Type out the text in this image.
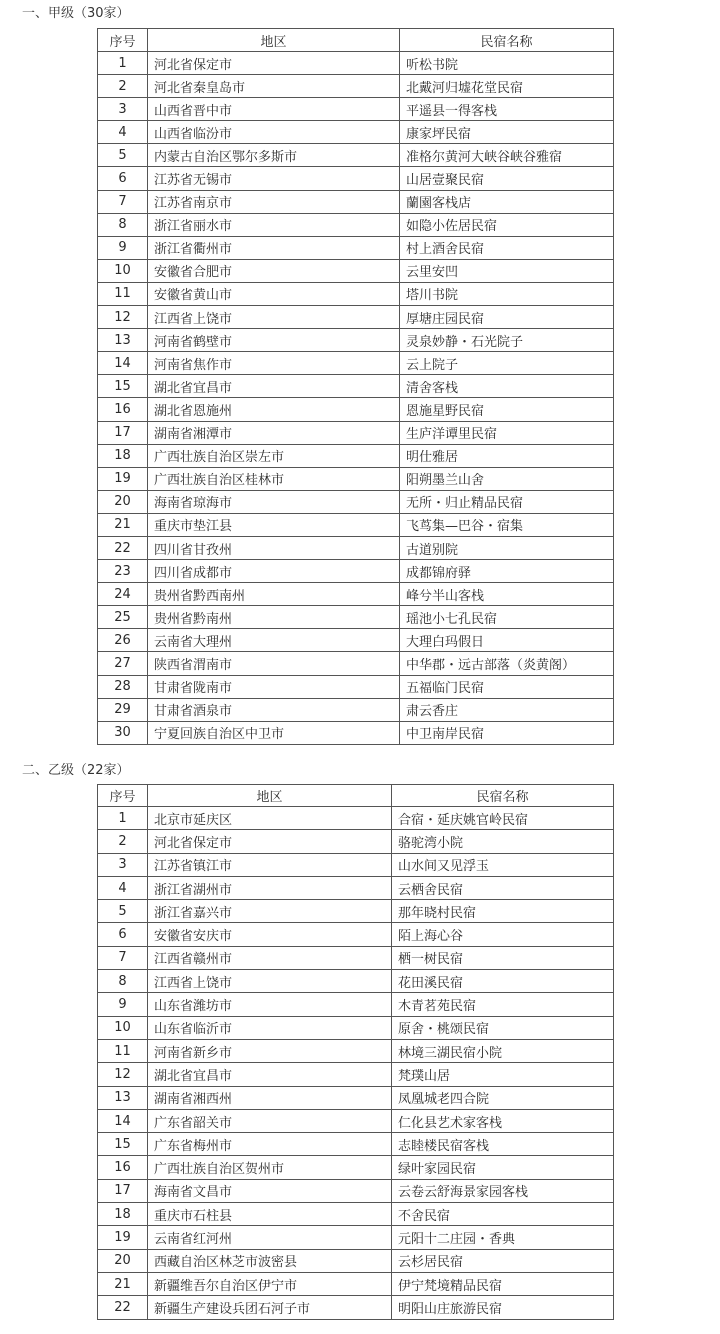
一、甲级（30家）
序号	地区	民宿名称
1	河北省保定市	听松书院
2	河北省秦皇岛市	北戴河归墟花堂民宿
3	山西省晋中市	平遥县一得客栈
4	山西省临汾市	康家坪民宿
5	内蒙古自治区鄂尔多斯市	准格尔黄河大峡谷峡谷雅宿
6	江苏省无锡市	山居壹聚民宿
7	江苏省南京市	蘭園客栈店
8	浙江省丽水市	如隐小佐居民宿
9	浙江省衢州市	村上酒舍民宿
10	安徽省合肥市	云里安凹
11	安徽省黄山市	塔川书院
12	江西省上饶市	厚塘庄园民宿
13	河南省鹤壁市	灵泉妙静・石光院子
14	河南省焦作市	云上院子
15	湖北省宜昌市	清舍客栈
16	湖北省恩施州	恩施星野民宿
17	湖南省湘潭市	生庐洋谭里民宿
18	广西壮族自治区崇左市	明仕雅居
19	广西壮族自治区桂林市	阳朔墨兰山舍
20	海南省琼海市	无所・归止精品民宿
21	重庆市垫江县	飞茑集—巴谷・宿集
22	四川省甘孜州	古道别院
23	四川省成都市	成都锦府驿
24	贵州省黔西南州	峰兮半山客栈
25	贵州省黔南州	瑶池小七孔民宿
26	云南省大理州	大理白玛假日
27	陕西省渭南市	中华郡・远古部落（炎黄阁）
28	甘肃省陇南市	五福临门民宿
29	甘肃省酒泉市	肃云香庄
30	宁夏回族自治区中卫市	中卫南岸民宿
二、乙级（22家）
序号	地区	民宿名称
1	北京市延庆区	合宿・延庆姚官岭民宿
2	河北省保定市	骆驼湾小院
3	江苏省镇江市	山水间又见浮玉
4	浙江省湖州市	云栖舍民宿
5	浙江省嘉兴市	那年晓村民宿
6	安徽省安庆市	陌上海心谷
7	江西省赣州市	栖一树民宿
8	江西省上饶市	花田溪民宿
9	山东省潍坊市	木青茗苑民宿
10	山东省临沂市	原舍・桃颂民宿
11	河南省新乡市	林境三湖民宿小院
12	湖北省宜昌市	梵璞山居
13	湖南省湘西州	凤凰城老四合院
14	广东省韶关市	仁化县艺术家客栈
15	广东省梅州市	志睦楼民宿客栈
16	广西壮族自治区贺州市	绿叶家园民宿
17	海南省文昌市	云卷云舒海景家园客栈
18	重庆市石柱县	不舍民宿
19	云南省红河州	元阳十二庄园・香典
20	西藏自治区林芝市波密县	云杉居民宿
21	新疆维吾尔自治区伊宁市	伊宁梵境精品民宿
22	新疆生产建设兵团石河子市	明阳山庄旅游民宿
